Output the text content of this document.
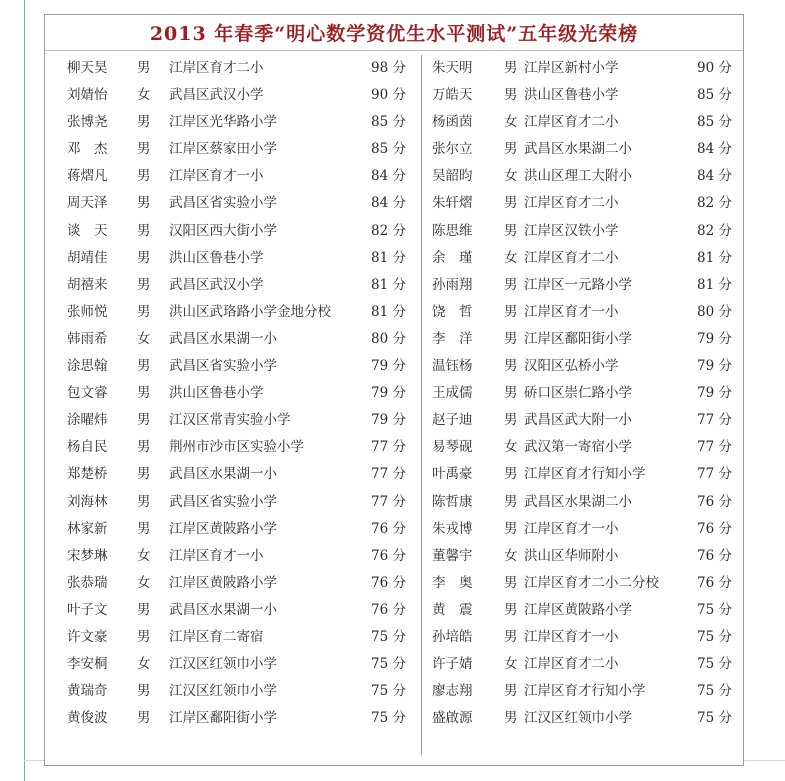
2013 年春季“明心数学资优生水平测试”五年级光荣榜
柳天昊	男 江岸区育才二小	98 分
刘婧怡	女 武昌区武汉小学	90 分
张博尧	男 江岸区光华路小学	85 分
邓　杰	男 江岸区蔡家田小学	85 分
蒋熠凡	男 江岸区育才一小	84 分
周天泽	男 武昌区省实验小学	84 分
谈　天	男 汉阳区西大街小学	82 分
胡靖佳	男 洪山区鲁巷小学	81 分
胡禧来	男 武昌区武汉小学	81 分
张师悦	男 洪山区武珞路小学金地分校	81 分
韩雨希	女 武昌区水果湖一小	80 分
涂思翰	男 武昌区省实验小学	79 分
包文睿	男 洪山区鲁巷小学	79 分
涂曜炜	男 江汉区常青实验小学	79 分
杨自民	男 荆州市沙市区实验小学	77 分
郑楚桥	男 武昌区水果湖一小	77 分
刘海林	男 武昌区省实验小学	77 分
林家新	男 江岸区黄陂路小学	76 分
宋梦琳	女 江岸区育才一小	76 分
张恭瑞	女 江岸区黄陂路小学	76 分
叶子文	男 武昌区水果湖一小	76 分
许文豪	男 江岸区育二寄宿	75 分
李安桐	女 江汉区红领巾小学	75 分
黄瑞奇	男 江汉区红领巾小学	75 分
黄俊波	男 江岸区鄱阳街小学	75 分
朱天明	男 江岸区新村小学	90 分
万皓天	男 洪山区鲁巷小学	85 分
杨函茵	女 江岸区育才二小	85 分
张尔立	男 武昌区水果湖二小	84 分
吴韶昀	女 洪山区理工大附小	84 分
朱轩熠	男 江岸区育才二小	82 分
陈思维	男 江岸区汉铁小学	82 分
余　瑾	女 江岸区育才二小	81 分
孙雨翔	男 江岸区一元路小学	81 分
饶　哲	男 江岸区育才一小	80 分
李　洋	男 江岸区鄱阳街小学	79 分
温钰杨	男 汉阳区弘桥小学	79 分
王成儒	男 硚口区崇仁路小学	79 分
赵子迪	男 武昌区武大附一小	77 分
易琴砚	女 武汉第一寄宿小学	77 分
叶禹豪	男 江岸区育才行知小学	77 分
陈哲康	男 武昌区水果湖二小	76 分
朱戎博	男 江岸区育才一小	76 分
董馨宇	女 洪山区华师附小	76 分
李　奥	男 江岸区育才二小二分校	76 分
黄　震	男 江岸区黄陂路小学	75 分
孙培皓	男 江岸区育才一小	75 分
许子婧	女 江岸区育才二小	75 分
廖志翔	男 江岸区育才行知小学	75 分
盛啟源	男 江汉区红领巾小学	75 分
